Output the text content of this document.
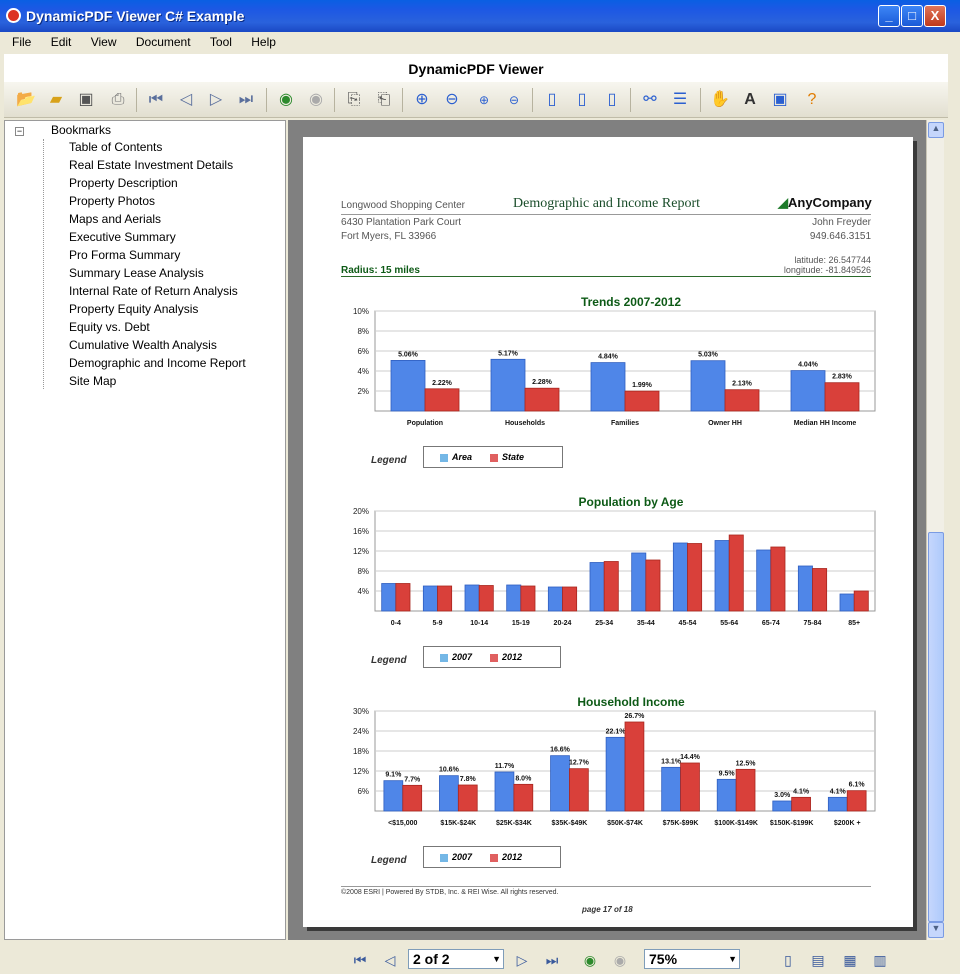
DynamicPDF Viewer C# Example	_	□	X
File Edit View Document Tool Help
DynamicPDF Viewer
📂 ▰ ▣ ⎙ ⏮ ◁ ▷ ⏭ ◉ ◉ ⎘ ⎗ ⊕ ⊖	⊕	⊖	▯	▯	▯	⚯ ☰ ✋ A ▣	?
− Bookmarks
Table of Contents
Real Estate Investment Details
Property Description
Property Photos
Maps and Aerials
Executive Summary
Pro Forma Summary
Summary Lease Analysis
Internal Rate of Return Analysis
Property Equity Analysis
Equity vs. Debt
Cumulative Wealth Analysis
Demographic and Income Report
Site Map
Longwood Shopping Center	Demographic and Income Report	◢AnyCompany
6430 Plantation Park Court
Fort Myers, FL 33966
John Freyder
949.646.3151
latitude: 26.547744
longitude: -81.849526
Radius: 15 miles
Trends 2007-2012
10%
8%
6%
4%
2%
5.06%
2.22%
Population
5.17%
2.28%
Households
4.84%
1.99%
Families
5.03%
2.13%
Owner HH
4.04%
2.83%
Median HH Income
Legend	Area	State
Population by Age
20%
16%
12%
8%
4%
0-4	5-9	10-14	15-19	20-24	25-34	35-44	45-54	55-64	65-74	75-84	85+
Legend	2007	2012
Household Income
30%
24%
18%
12%
6%
9.1%
7.7%
<$15,000
10.6%
7.8%
$15K-$24K
11.7%
8.0%
$25K-$34K
16.6%
12.7%
$35K-$49K
22.1%
26.7%
$50K-$74K
13.1%
14.4%
$75K-$99K
9.5%
12.5%
$100K-$149K
3.0%
4.1%
$150K-$199K
4.1%
6.1%
$200K +
Legend	2007	2012
©2008 ESRI | Powered By STDB, Inc. & REI Wise. All rights reserved.
page 17 of 18
▲
▼
⏮	◁	2 of 2	▼	▷	⏭ ◉ ◉	75%	▼	▯	▤ ▦ ▥
